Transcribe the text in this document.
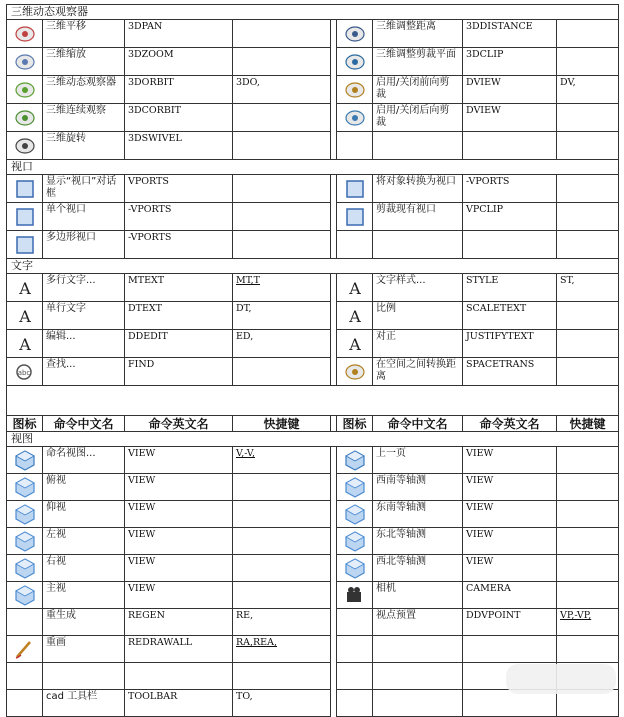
三维动态观察器								
	三维平移	3DPAN				三维调整距离	3DDISTANCE	
	三维缩放	3DZOOM				三维调整剪裁平面	3DCLIP	
	三维动态观察器	3DORBIT	3DO,			启用/关闭前向剪裁	DVIEW	DV,
	三维连续观察	3DCORBIT				启用/关闭后向剪裁	DVIEW	
	三维旋转	3DSWIVEL						
视口								
	显示“视口”对话框	VPORTS				将对象转换为视口	-VPORTS	
	单个视口	-VPORTS				剪裁现有视口	VPCLIP	
	多边形视口	-VPORTS						
文字								

A	多行文字...	MTEXT	MT,T		A	文字样式...	STYLE	ST,

A	单行文字	DTEXT	DT,		A	比例	SCALETEXT	

A	编辑...	DDEDIT	ED,		A	对正	JUSTIFYTEXT	

abc	查找...	FIND				在空间之间转换距离	SPACETRANS	

图标	命令中文名	命令英文名	快捷键		图标	命令中文名	命令英文名	快捷键
视图								
	命名视图...	VIEW	V,-V,			上一页	VIEW	
	俯视	VIEW				西南等轴测	VIEW	
	仰视	VIEW				东南等轴测	VIEW	
	左视	VIEW				东北等轴测	VIEW	
	右视	VIEW				西北等轴测	VIEW	
	主视	VIEW				相机	CAMERA	
	重生成	REGEN	RE,			视点预置	DDVPOINT	VP,-VP,
	重画	REDRAWALL	RA,REA,					

	cad 工具栏	TOOLBAR	TO,					
